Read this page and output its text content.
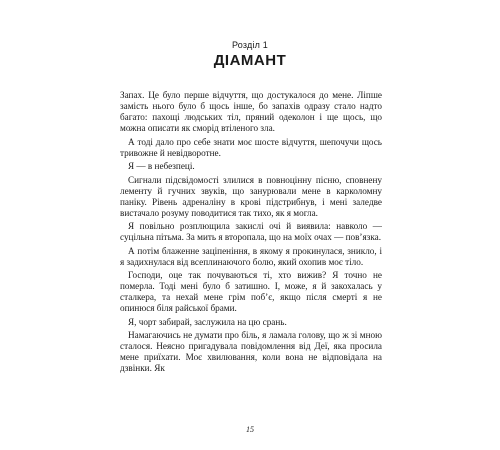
Розділ 1
ДІАМАНТ

Запах. Це було перше відчуття, що достукалося до мене. Ліпше замість нього було б щось інше, бо запахів одразу стало надто багато: пахощі людських тіл, пряний одеколон і ще щось, що можна описати як сморід втіленого зла.

А тоді далo про себе знати моє шосте відчуття, шепочучи щось тривожне й невідворотне.

Я — в небезпеці.

Сигнали підсвідомості злилися в повноцінну пісню, сповнену лементу й гучних звуків, що занурювали мене в карколомну паніку. Рівень адреналіну в крові підстрибнув, і мені залeдве вистачало розуму поводитися так тихо, як я могла.

Я повільно розплющила закислі очі й виявила: навколо — суцільна пітьма. За мить я второпала, що на моїх очах — пов’язка.

А потім блаженне заціпеніння, в якому я прокинулася, зникло, і я задихнулася від всеплинаючого болю, який охопив моє тіло.

Господи, оце так почуваються ті, хто вижив? Я точно не померла. Тоді мені було б затишно. І, може, я й закохалась у сталкера, та нехай мене грім поб’є, якщо після смерті я не опинюся біля райської брами.

Я, чорт забирай, заслужила на цю срань.

Намагаючись не думати про біль, я ламала голову, що ж зі мною сталося. Неясно пригадувала повідомлення від Деї, яка просила мене приїхати. Моє хвилювання, коли вона не відповідала на дзвінки. Як

15
